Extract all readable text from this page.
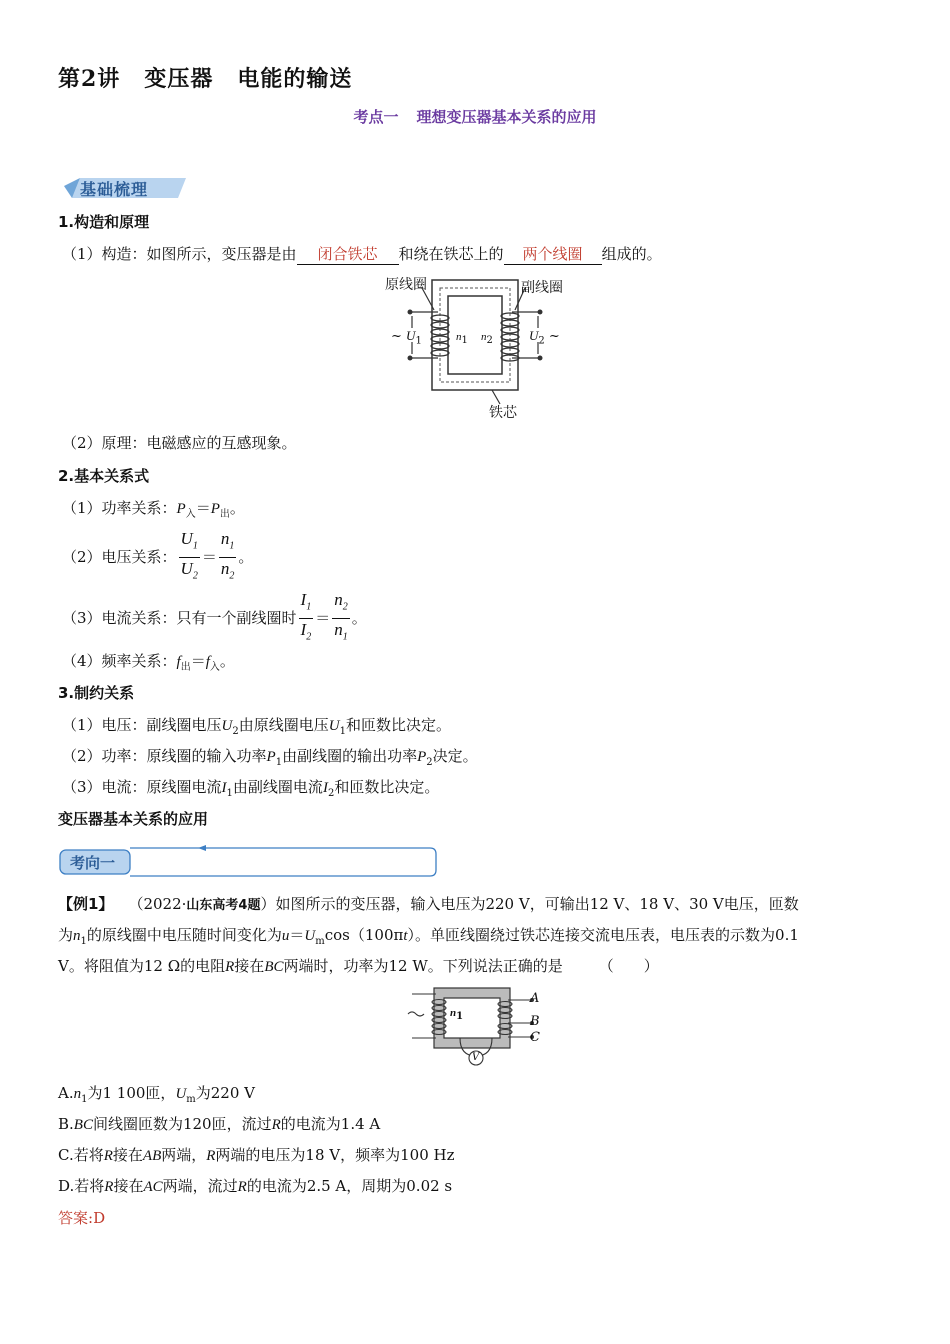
第2讲 变压器 电能的输送
考点一 理想变压器基本关系的应用
基础梳理
1.构造和原理
（1）构造：如图所示，变压器是由 闭合铁芯 和绕在铁芯上的 两个线圈 组成的。
原线圈	副线圈
铁芯
~ $U_1$	$n_1$ $n_2$	$U_2$ ~
（2）原理：电磁感应的互感现象。
2.基本关系式
（1）功率关系：$P_入=P_出$。
（2）电压关系： $\frac{U_1}{U_2} = \frac{n_1}{n_2}$ 。
（3）电流关系：只有一个副线圈时 $\frac{I_1}{I_2} = \frac{n_2}{n_1}$ 。
（4）频率关系：$f_出=f_入$。
3.制约关系
（1）电压：副线圈电压$U_2$由原线圈电压$U_1$和匝数比决定。
（2）功率：原线圈的输入功率$P_1$由副线圈的输出功率$P_2$决定。
（3）电流：原线圈电流$I_1$由副线圈电流$I_2$和匝数比决定。
变压器基本关系的应用
考向一
【例1】　　 （2022·山东高考4题）如图所示的变压器，输入电压为220 V，可输出12 V、18 V、30 V电压，匝数
为$n_1$的原线圈中电压随时间变化为$u=U_m\cos(100\pi t)$。单匝线圈绕过铁芯连接交流电压表，电压表的示数为0.1
V。将阻值为12 Ω的电阻R接在BC两端时，功率为12 W。下列说法正确的是 （　　）
$n_1$
V
A
B
C
$A.n_1$为1 100匝，$U_m$为220 V
B.BC间线圈匝数为120匝，流过R的电流为1.4 A
C.若将R接在AB两端，R两端的电压为18 V，频率为100 Hz
D.若将R接在AC两端，流过R的电流为2.5 A，周期为0.02 s
答案:D
